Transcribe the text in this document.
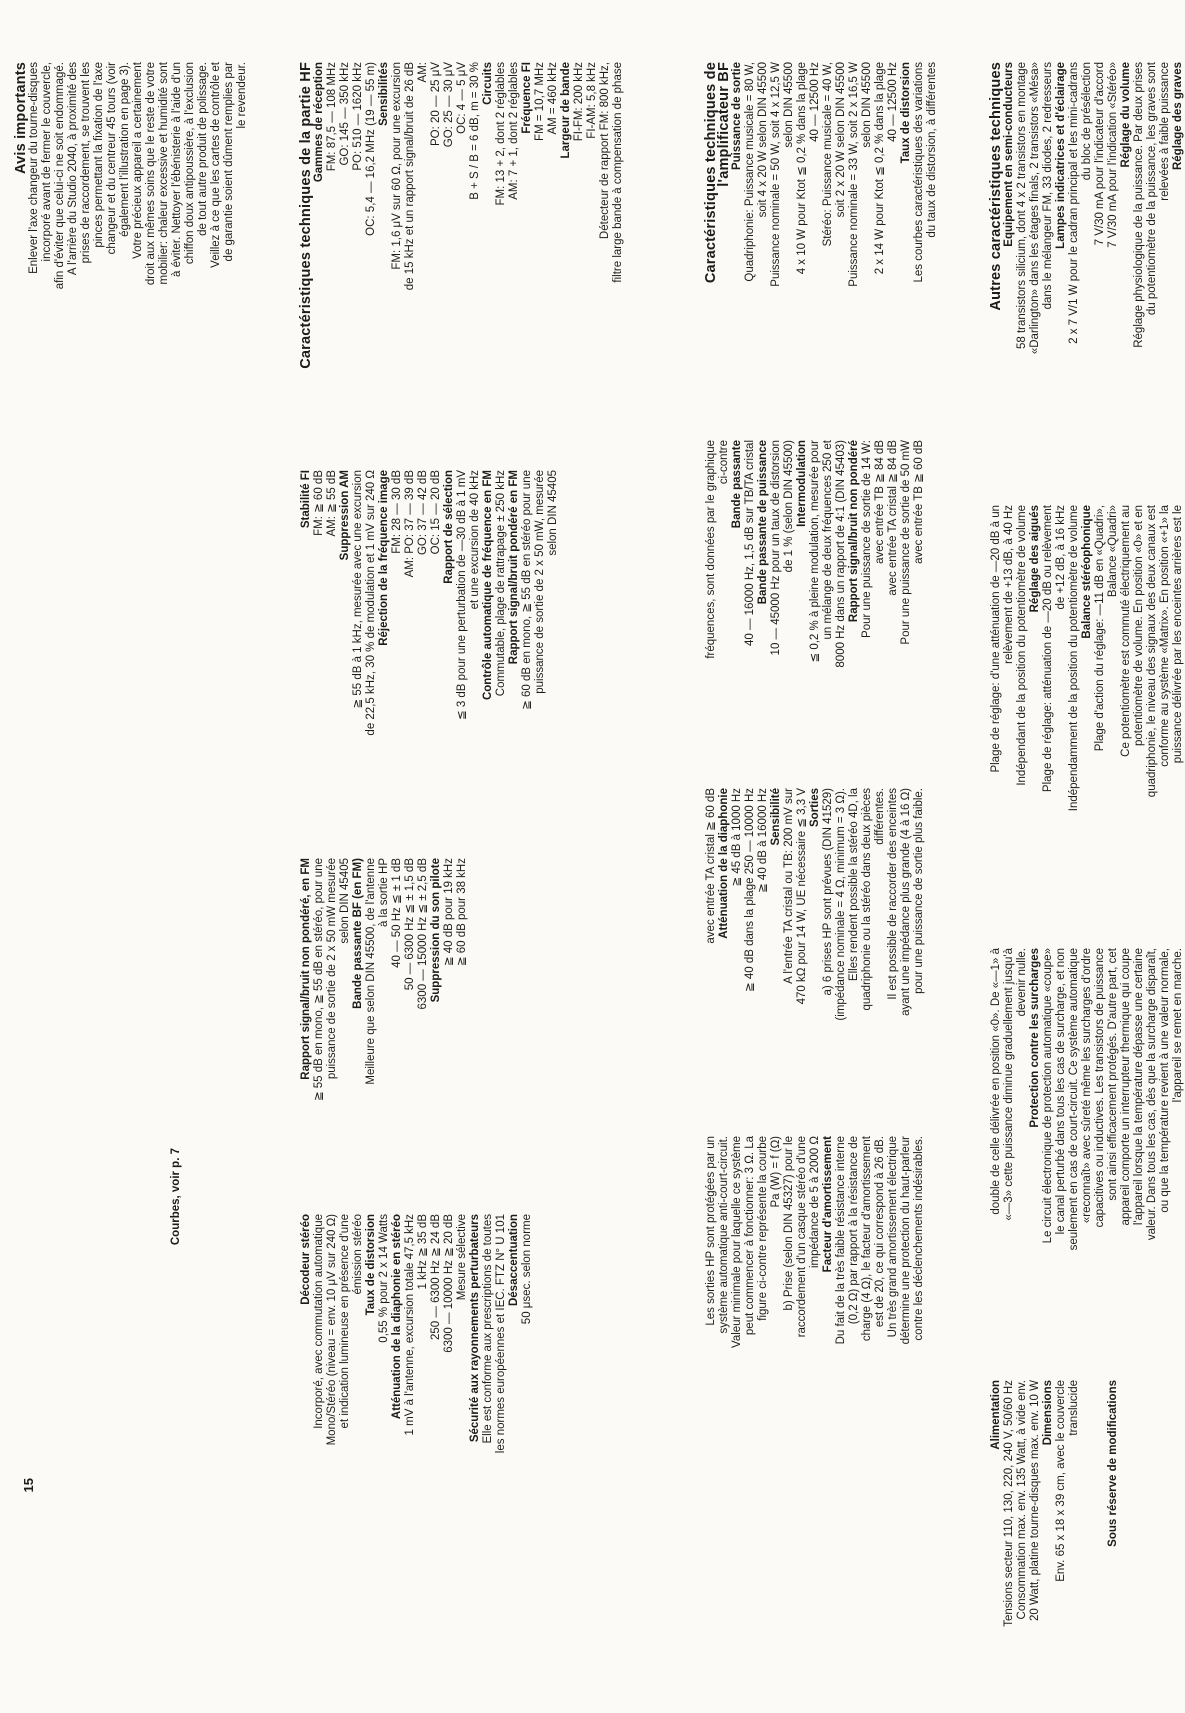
Avis importants Enlever l'axe changeur du tourne-disques incorporé avant de fermer le couvercle, afin d'éviter que celui-ci ne soit endommagé. A l'arrière du Studio 2040, à proximité des prises de raccordement, se trouvent les pinces permettant la fixation de l'axe changeur et du centreur 45 tours (voir également l'illustration en page 3). Votre précieux appareil a certainement droit aux mêmes soins que le reste de votre mobilier: chaleur excessive et humidité sont à éviter. Nettoyer l'ébénisterie à l'aide d'un chiffon doux antipoussière, à l'exclusion de tout autre produit de polissage. Veillez à ce que les cartes de contrôle et de garantie soient dûment remplies par le revendeur.
Courbes, voir p. 7
15
Caractéristiques techniques de la partie HF Gammes de réception FM: 87,5 — 108 MHz GO: 145 — 350 kHz PO: 510 — 1620 kHz OC: 5,4 — 16,2 MHz (19 — 55 m) Sensibilités FM: 1,6 μV sur 60 Ω, pour une excursion de 15 kHz et un rapport signal/bruit de 26 dB AM: PO: 20 — 25 μV GO: 25 — 30 μV OC: 4 — 5 μV B + S / B = 6 dB, m = 30 % Circuits FM: 13 + 2, dont 2 réglables AM: 7 + 1, dont 2 réglables Fréquence FI FM = 10,7 MHz AM = 460 kHz Largeur de bande FI-FM: 200 kHz FI-AM: 5,8 kHz Détecteur de rapport FM: 800 kHz, filtre large bande à compensation de phase
Stabilité FI FM: ≧ 60 dB AM: ≧ 55 dB Suppression AM ≧ 55 dB à 1 kHz, mesurée avec une excursion de 22,5 kHz, 30 % de modulation et 1 mV sur 240 Ω Réjection de la fréquence image FM: 28 — 30 dB AM: PO: 37 — 39 dB GO: 37 — 42 dB OC: 15 — 20 dB Rapport de sélection ≦ 3 dB pour une perturbation de —30 dB à 1 mV et une excursion de 40 kHz Contrôle automatique de fréquence en FM Commutable, plage de rattrapage ± 250 kHz Rapport signal/bruit pondéré en FM ≧ 60 dB en mono, ≧ 55 dB en stéréo pour une puissance de sortie de 2 x 50 mW, mesurée selon DIN 45405
Rapport signal/bruit non pondéré, en FM ≧ 55 dB en mono, ≧ 55 dB en stéréo, pour une puissance de sortie de 2 x 50 mW mesurée selon DIN 45405 Bande passante BF (en FM) Meilleure que selon DIN 45500, de l'antenne à la sortie HP 40 — 50 Hz ≦ ± 1 dB 50 — 6300 Hz ≦ ± 1,5 dB 6300 — 15000 Hz ≦ ± 2,5 dB Suppression du son pilote ≧ 40 dB pour 19 kHz ≧ 60 dB pour 38 kHz
Décodeur stéréo Incorporé, avec commutation automatique Mono/Stéréo (niveau = env. 10 μV sur 240 Ω) et indication lumineuse en présence d'une émission stéréo Taux de distorsion 0,55 % pour 2 x 14 Watts Atténuation de la diaphonie en stéréo 1 mV à l'antenne, excursion totale 47,5 kHz 1 kHz ≧ 35 dB 250 — 6300 Hz ≧ 24 dB 6300 — 10000 Hz ≧ 20 dB Mesure sélective Sécurité aux rayonnements perturbateurs Elle est conforme aux prescriptions de toutes les normes européennes et IEC. FTZ N° U 101 Désaccentuation 50 μsec. selon norme
Caractéristiques techniques de
l'amplificateur BF Puissance de sortie Quadriphonie: Puissance musicale = 80 W, soit 4 x 20 W selon DIN 45500 Puissance nominale = 50 W, soit 4 x 12,5 W selon DIN 45500 4 x 10 W pour Ktot ≦ 0,2 % dans la plage 40 — 12500 Hz Stéréo: Puissance musicale = 40 W, soit 2 x 20 W selon DIN 45500 Puissance nominale = 33 W, soit 2 x 16,5 W selon DIN 45500 2 x 14 W pour Ktot ≦ 0,2 % dans la plage 40 — 12500 Hz Taux de distorsion Les courbes caractéristiques des variations du taux de distorsion, à différentes
fréquences, sont données par le graphique ci-contre Bande passante 40 — 16000 Hz, 1,5 dB sur TB/TA cristal Bande passante de puissance 10 — 45000 Hz pour un taux de distorsion de 1 % (selon DIN 45500) Intermodulation ≦ 0,2 % à pleine modulation, mesurée pour un mélange de deux fréquences 250 et 8000 Hz dans un rapport de 4:1 (DIN 45403) Rapport signal/bruit non pondéré Pour une puissance de sortie de 14 W: avec entrée TB ≧ 84 dB avec entrée TA cristal ≧ 84 dB Pour une puissance de sortie de 50 mW avec entrée TB ≧ 60 dB
avec entrée TA cristal ≧ 60 dB Atténuation de la diaphonie ≧ 45 dB à 1000 Hz ≧ 40 dB dans la plage 250 — 10000 Hz ≧ 40 dB à 16000 Hz Sensibilité A l'entrée TA cristal ou TB: 200 mV sur 470 kΩ pour 14 W, UE nécessaire ≦ 3,3 V Sorties a) 6 prises HP sont prévues (DIN 41529) (impédance nominale = 4 Ω, minimum = 3 Ω). Elles rendent possible la stéréo 4D, la quadriphonie ou la stéréo dans deux pièces différentes. Il est possible de raccorder des enceintes ayant une impédance plus grande (4 à 16 Ω) pour une puissance de sortie plus faible.
Les sorties HP sont protégées par un système automatique anti-court-circuit. Valeur minimale pour laquelle ce système peut commencer à fonctionner: 3 Ω. La figure ci-contre représente la courbe Pa (W) = f (Ω) b) Prise (selon DIN 45327) pour le raccordement d'un casque stéréo d'une impédance de 5 à 2000 Ω Facteur d'amortissement Du fait de la très faible résistance interne (0,2 Ω) par rapport à la résistance de charge (4 Ω), le facteur d'amortissement est de 20, ce qui correspond à 26 dB. Un très grand amortissement électrique détermine une protection du haut-parleur contre les déclenchements indésirables.
Autres caractéristiques techniques Equipement en semi-conducteurs 58 transistors silicium, dont 4 x 2 transistors en montage «Darlington» dans les étages finals, 2 transistors «Mésa» dans le mélangeur FM, 33 diodes, 2 redresseurs Lampes indicatrices et d'éclairage 2 x 7 V/1 W pour le cadran principal et les mini-cadrans du bloc de présélection 7 V/30 mA pour l'indicateur d'accord 7 V/30 mA pour l'indication «Stéréo» Réglage du volume Réglage physiologique de la puissance. Par deux prises du potentiomètre de la puissance, les graves sont relevées à faible puissance Réglage des graves
Plage de réglage: d'une atténuation de —20 dB à un relèvement de +13 dB, à 40 Hz Indépendant de la position du potentiomètre de volume Réglage des aigués Plage de réglage: atténuation de —20 dB ou relèvement de +12 dB, à 16 kHz Indépendamment de la position du potentiomètre de volume Balance stéréophonique Plage d'action du réglage: —11 dB en «Quadri», Balance «Quadri» Ce potentiomètre est commuté électriquement au potentiomètre de volume. En position «0» et en quadriphonie, le niveau des signaux des deux canaux est conforme au système «Matrix». En position «+1» la puissance délivrée par les enceintes arrières est le
double de celle délivrée en position «0». De «—1» à «—3» cette puissance diminue graduellement jusqu'à devenir nulle. Protection contre les surcharges Le circuit électronique de protection automatique «coupe» le canal perturbé dans tous les cas de surcharge, et non seulement en cas de court-circuit. Ce système automatique «reconnaît» avec sûreté même les surcharges d'ordre capacitives ou inductives. Les transistors de puissance sont ainsi efficacement protégés. D'autre part, cet appareil comporte un interrupteur thermique qui coupe l'appareil lorsque la température dépasse une certaine valeur. Dans tous les cas, dès que la surcharge disparaît, ou que la température revient à une valeur normale, l'appareil se remet en marche.
Alimentation Tensions secteur 110, 130, 220, 240 V, 50/60 Hz Consommation max. env. 135 Watt, à vide env. 20 Watt, platine tourne-disques max. env. 10 W Dimensions Env. 65 x 18 x 39 cm, avec le couvercle translucide Sous réserve de modifications
